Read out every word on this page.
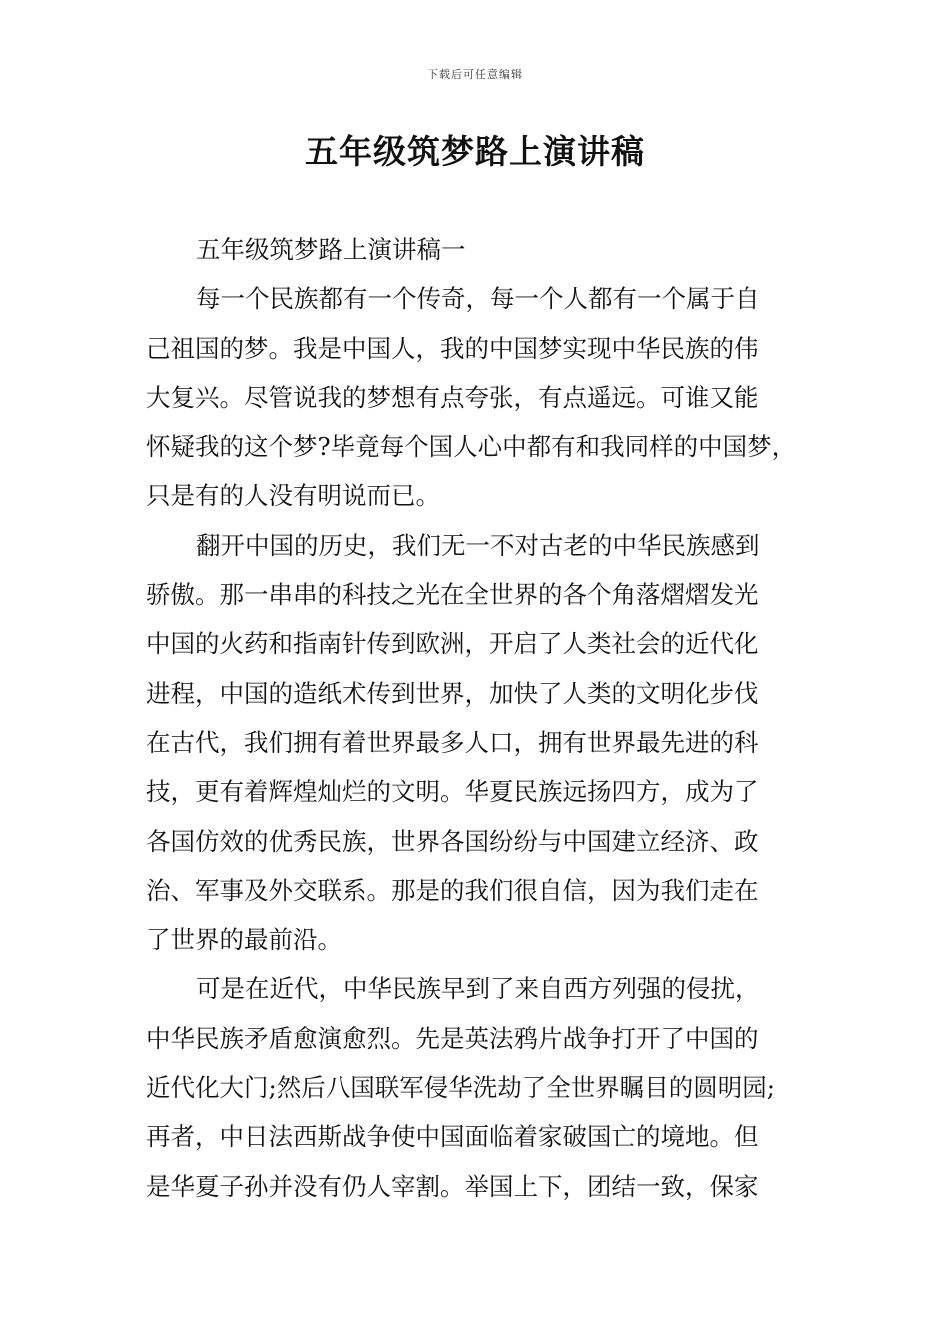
下载后可任意编辑
五年级筑梦路上演讲稿
五年级筑梦路上演讲稿一
每一个民族都有一个传奇，每一个人都有一个属于自
己祖国的梦。我是中国人，我的中国梦实现中华民族的伟
大复兴。尽管说我的梦想有点夸张，有点遥远。可谁又能
怀疑我的这个梦?毕竟每个国人心中都有和我同样的中国梦，
只是有的人没有明说而已。
翻开中国的历史，我们无一不对古老的中华民族感到
骄傲。那一串串的科技之光在全世界的各个角落熠熠发光
中国的火药和指南针传到欧洲，开启了人类社会的近代化
进程，中国的造纸术传到世界，加快了人类的文明化步伐
在古代，我们拥有着世界最多人口，拥有世界最先进的科
技，更有着辉煌灿烂的文明。华夏民族远扬四方，成为了
各国仿效的优秀民族，世界各国纷纷与中国建立经济、政
治、军事及外交联系。那是的我们很自信，因为我们走在
了世界的最前沿。
可是在近代，中华民族早到了来自西方列强的侵扰，
中华民族矛盾愈演愈烈。先是英法鸦片战争打开了中国的
近代化大门;然后八国联军侵华洗劫了全世界瞩目的圆明园;
再者，中日法西斯战争使中国面临着家破国亡的境地。但
是华夏子孙并没有仍人宰割。举国上下，团结一致，保家
